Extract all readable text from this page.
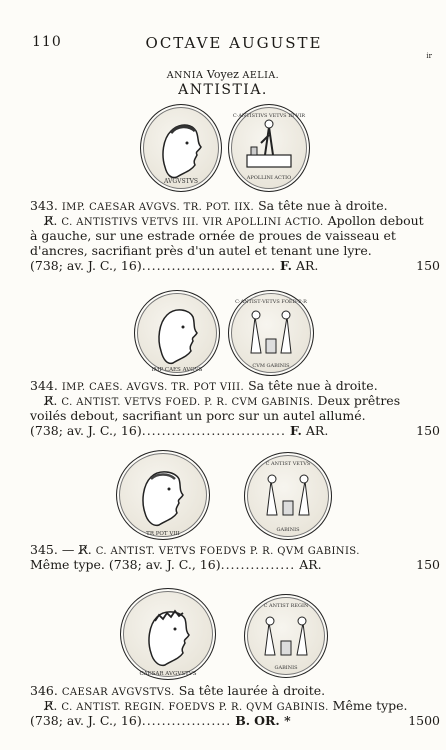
110	OCTAVE AUGUSTE
ir
ANNIA Voyez AELIA.
ANTISTIA.
AVGVSTVS
C·ANTISTIVS VETVS III VIR
APOLLINI ACTIO
343. IMP. CAESAR AVGVS. TR. POT. IIX. Sa tête nue à droite.
R̸. C. ANTISTIVS VETVS III. VIR APOLLINI ACTIO. Apollon debout
à gauche, sur une estrade ornée de proues de vaisseau et
d'ancres, sacrifiant près d'un autel et tenant une lyre.
(738; av. J. C., 16)........................... F. AR.	150
IMP CAES AVGVS
C·ANTIST·VETVS FOED·P·R
CVM GABINIS
344. IMP. CAES. AVGVS. TR. POT VIII. Sa tête nue à droite.
R̸. C. ANTIST. VETVS FOED. P. R. CVM GABINIS. Deux prêtres
voilés debout, sacrifiant un porc sur un autel allumé.
(738; av. J. C., 16)............................. F. AR.	150
TR POT VIII
C ANTIST VETVS
GABINIS
345. — R̸. C. ANTIST. VETVS FOEDVS P. R. QVM GABINIS.
Même type. (738; av. J. C., 16)............... AR.	150
CAESAR AVGVSTVS
C ANTIST REGIN
GABINIS
346. CAESAR AVGVSTVS. Sa tête laurée à droite.
R̸. C. ANTIST. REGIN. FOEDVS P. R. QVM GABINIS. Même type.
(738; av. J. C., 16).................. B. OR. *	1500
